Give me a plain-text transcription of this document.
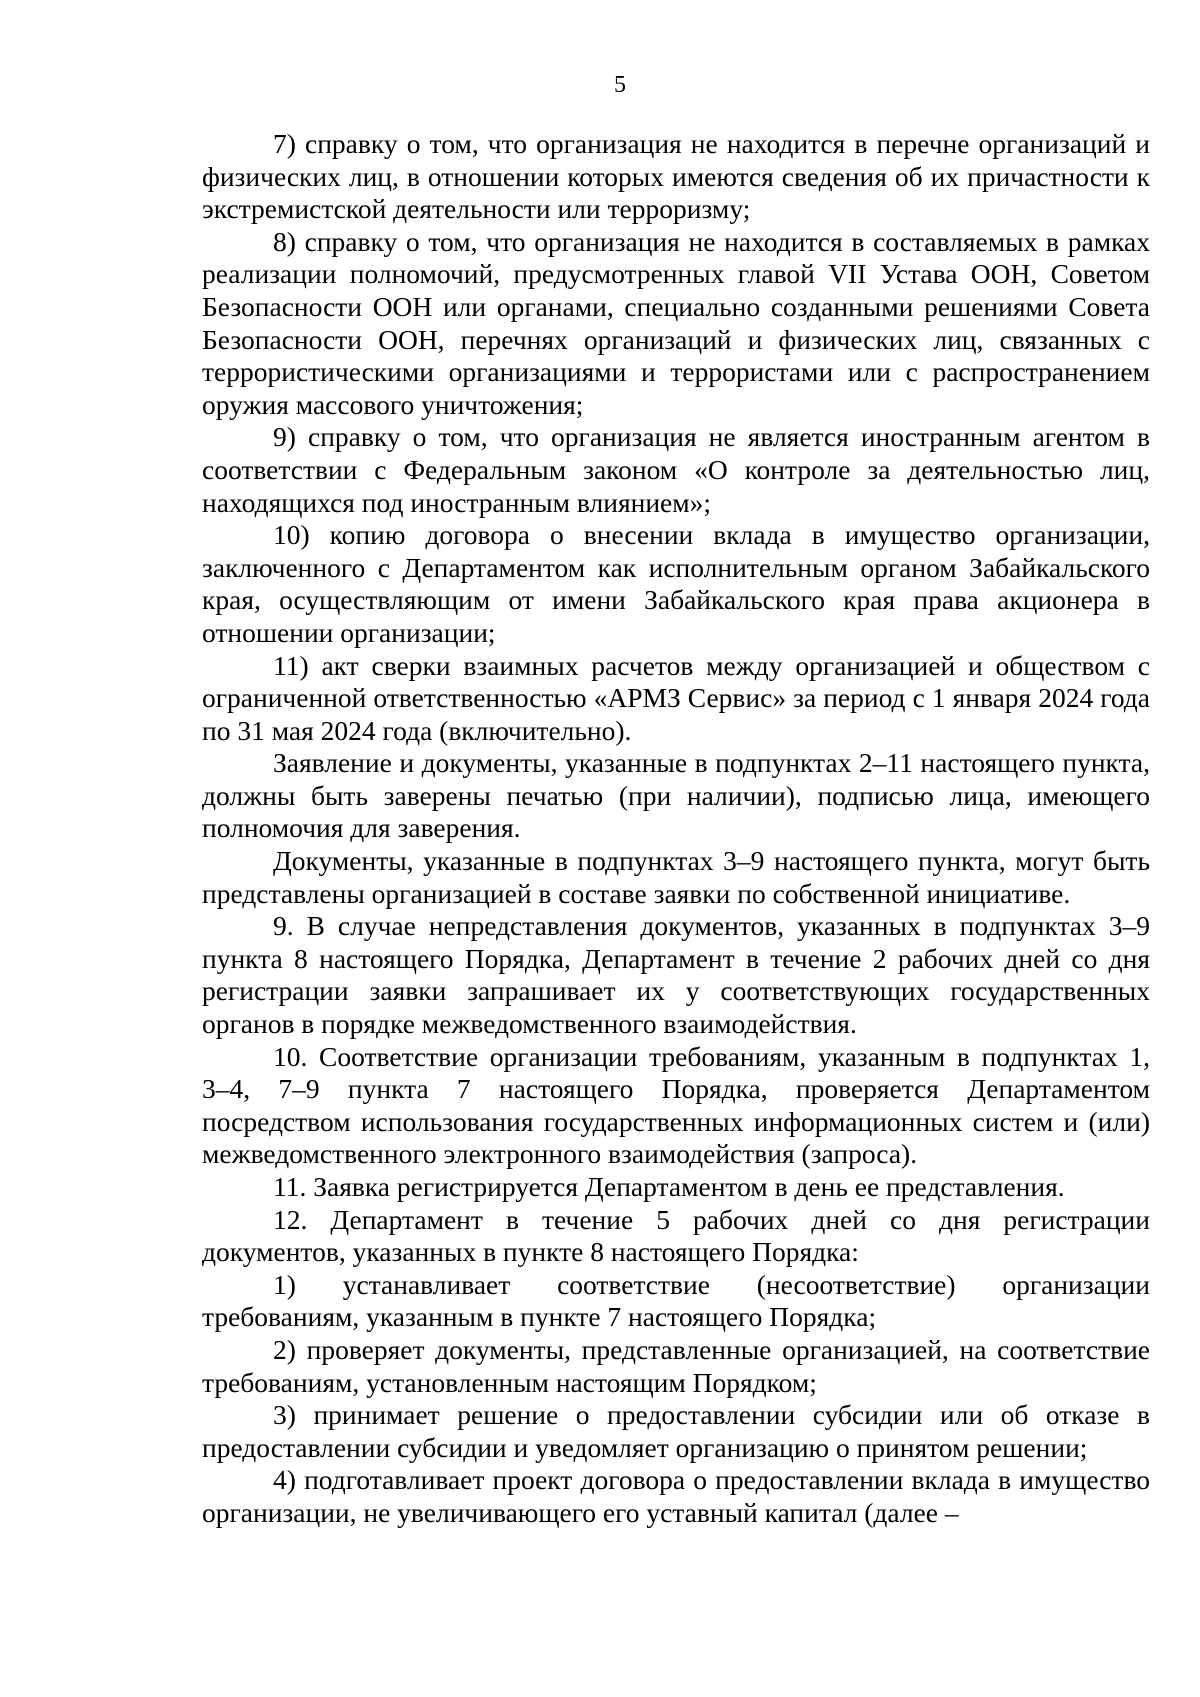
5

7) справку о том, что организация не находится в перечне организаций и физических лиц, в отношении которых имеются сведения об их причастности к экстремистской деятельности или терроризму;

8) справку о том, что организация не находится в составляемых в рамках реализации полномочий, предусмотренных главой VII Устава ООН, Советом Безопасности ООН или органами, специально созданными решениями Совета Безопасности ООН, перечнях организаций и физических лиц, связанных с террористическими организациями и террористами или с распространением оружия массового уничтожения;

9) справку о том, что организация не является иностранным агентом в соответствии с Федеральным законом «О контроле за деятельностью лиц, находящихся под иностранным влиянием»;

10) копию договора о внесении вклада в имущество организации, заключенного с Департаментом как исполнительным органом Забайкальского края, осуществляющим от имени Забайкальского края права акционера в отношении организации;

11) акт сверки взаимных расчетов между организацией и обществом с ограниченной ответственностью «АРМЗ Сервис» за период с 1 января 2024 года по 31 мая 2024 года (включительно).

Заявление и документы, указанные в подпунктах 2–11 настоящего пункта, должны быть заверены печатью (при наличии), подписью лица, имеющего полномочия для заверения.

Документы, указанные в подпунктах 3–9 настоящего пункта, могут быть представлены организацией в составе заявки по собственной инициативе.

9. В случае непредставления документов, указанных в подпунктах 3–9 пункта 8 настоящего Порядка, Департамент в течение 2 рабочих дней со дня регистрации заявки запрашивает их у соответствующих государственных органов в порядке межведомственного взаимодействия.

10. Соответствие организации требованиям, указанным в подпунктах 1, 3–4, 7–9 пункта 7 настоящего Порядка, проверяется Департаментом посредством использования государственных информационных систем и (или) межведомственного электронного взаимодействия (запроса).

11. Заявка регистрируется Департаментом в день ее представления.

12. Департамент в течение 5 рабочих дней со дня регистрации документов, указанных в пункте 8 настоящего Порядка:

1) устанавливает соответствие (несоответствие) организации требованиям, указанным в пункте 7 настоящего Порядка;

2) проверяет документы, представленные организацией, на соответствие требованиям, установленным настоящим Порядком;

3) принимает решение о предоставлении субсидии или об отказе в предоставлении субсидии и уведомляет организацию о принятом решении;

4) подготавливает проект договора о предоставлении вклада в имущество организации, не увеличивающего его уставный капитал (далее –
